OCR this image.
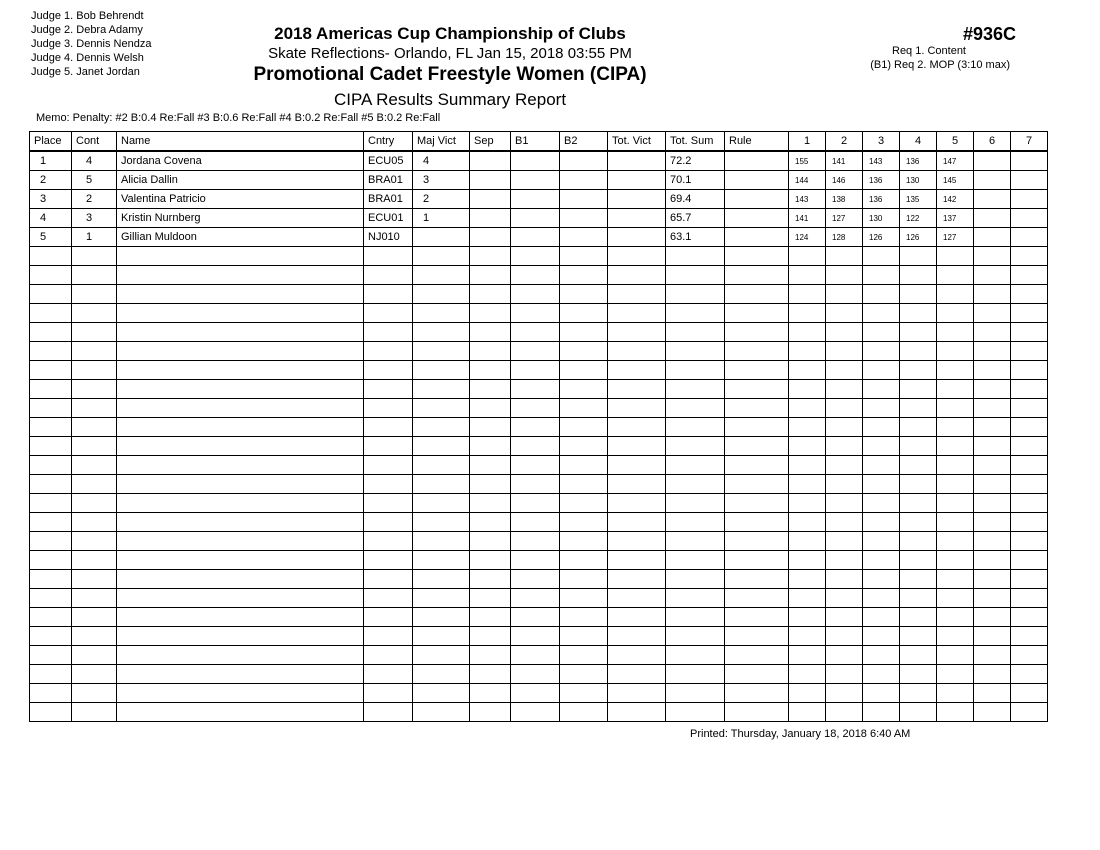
Judge 1. Bob Behrendt
Judge 2. Debra Adamy
Judge 3. Dennis Nendza
Judge 4. Dennis Welsh
Judge 5. Janet Jordan
2018 Americas Cup Championship of Clubs
Skate Reflections- Orlando, FL Jan 15, 2018 03:55 PM
Promotional Cadet Freestyle Women (CIPA)
CIPA Results Summary Report
#936C
Req 1. Content
(B1) Req 2. MOP (3:10 max)
Memo: Penalty: #2 B:0.4 Re:Fall #3 B:0.6 Re:Fall #4 B:0.2 Re:Fall #5 B:0.2 Re:Fall
Place	Cont	Name	Cntry	Maj Vict	Sep	B1	B2	Tot. Vict	Tot. Sum	Rule	1	2	3	4	5	6	7
1	4	Jordana Covena	ECU05	4					72.2		155	141	143	136	147		
2	5	Alicia Dallin	BRA01	3					70.1		144	146	136	130	145		
3	2	Valentina Patricio	BRA01	2					69.4		143	138	136	135	142		
4	3	Kristin Nurnberg	ECU01	1					65.7		141	127	130	122	137		
5	1	Gillian Muldoon	NJ010						63.1		124	128	126	126	127		

Printed: Thursday, January 18, 2018 6:40 AM
